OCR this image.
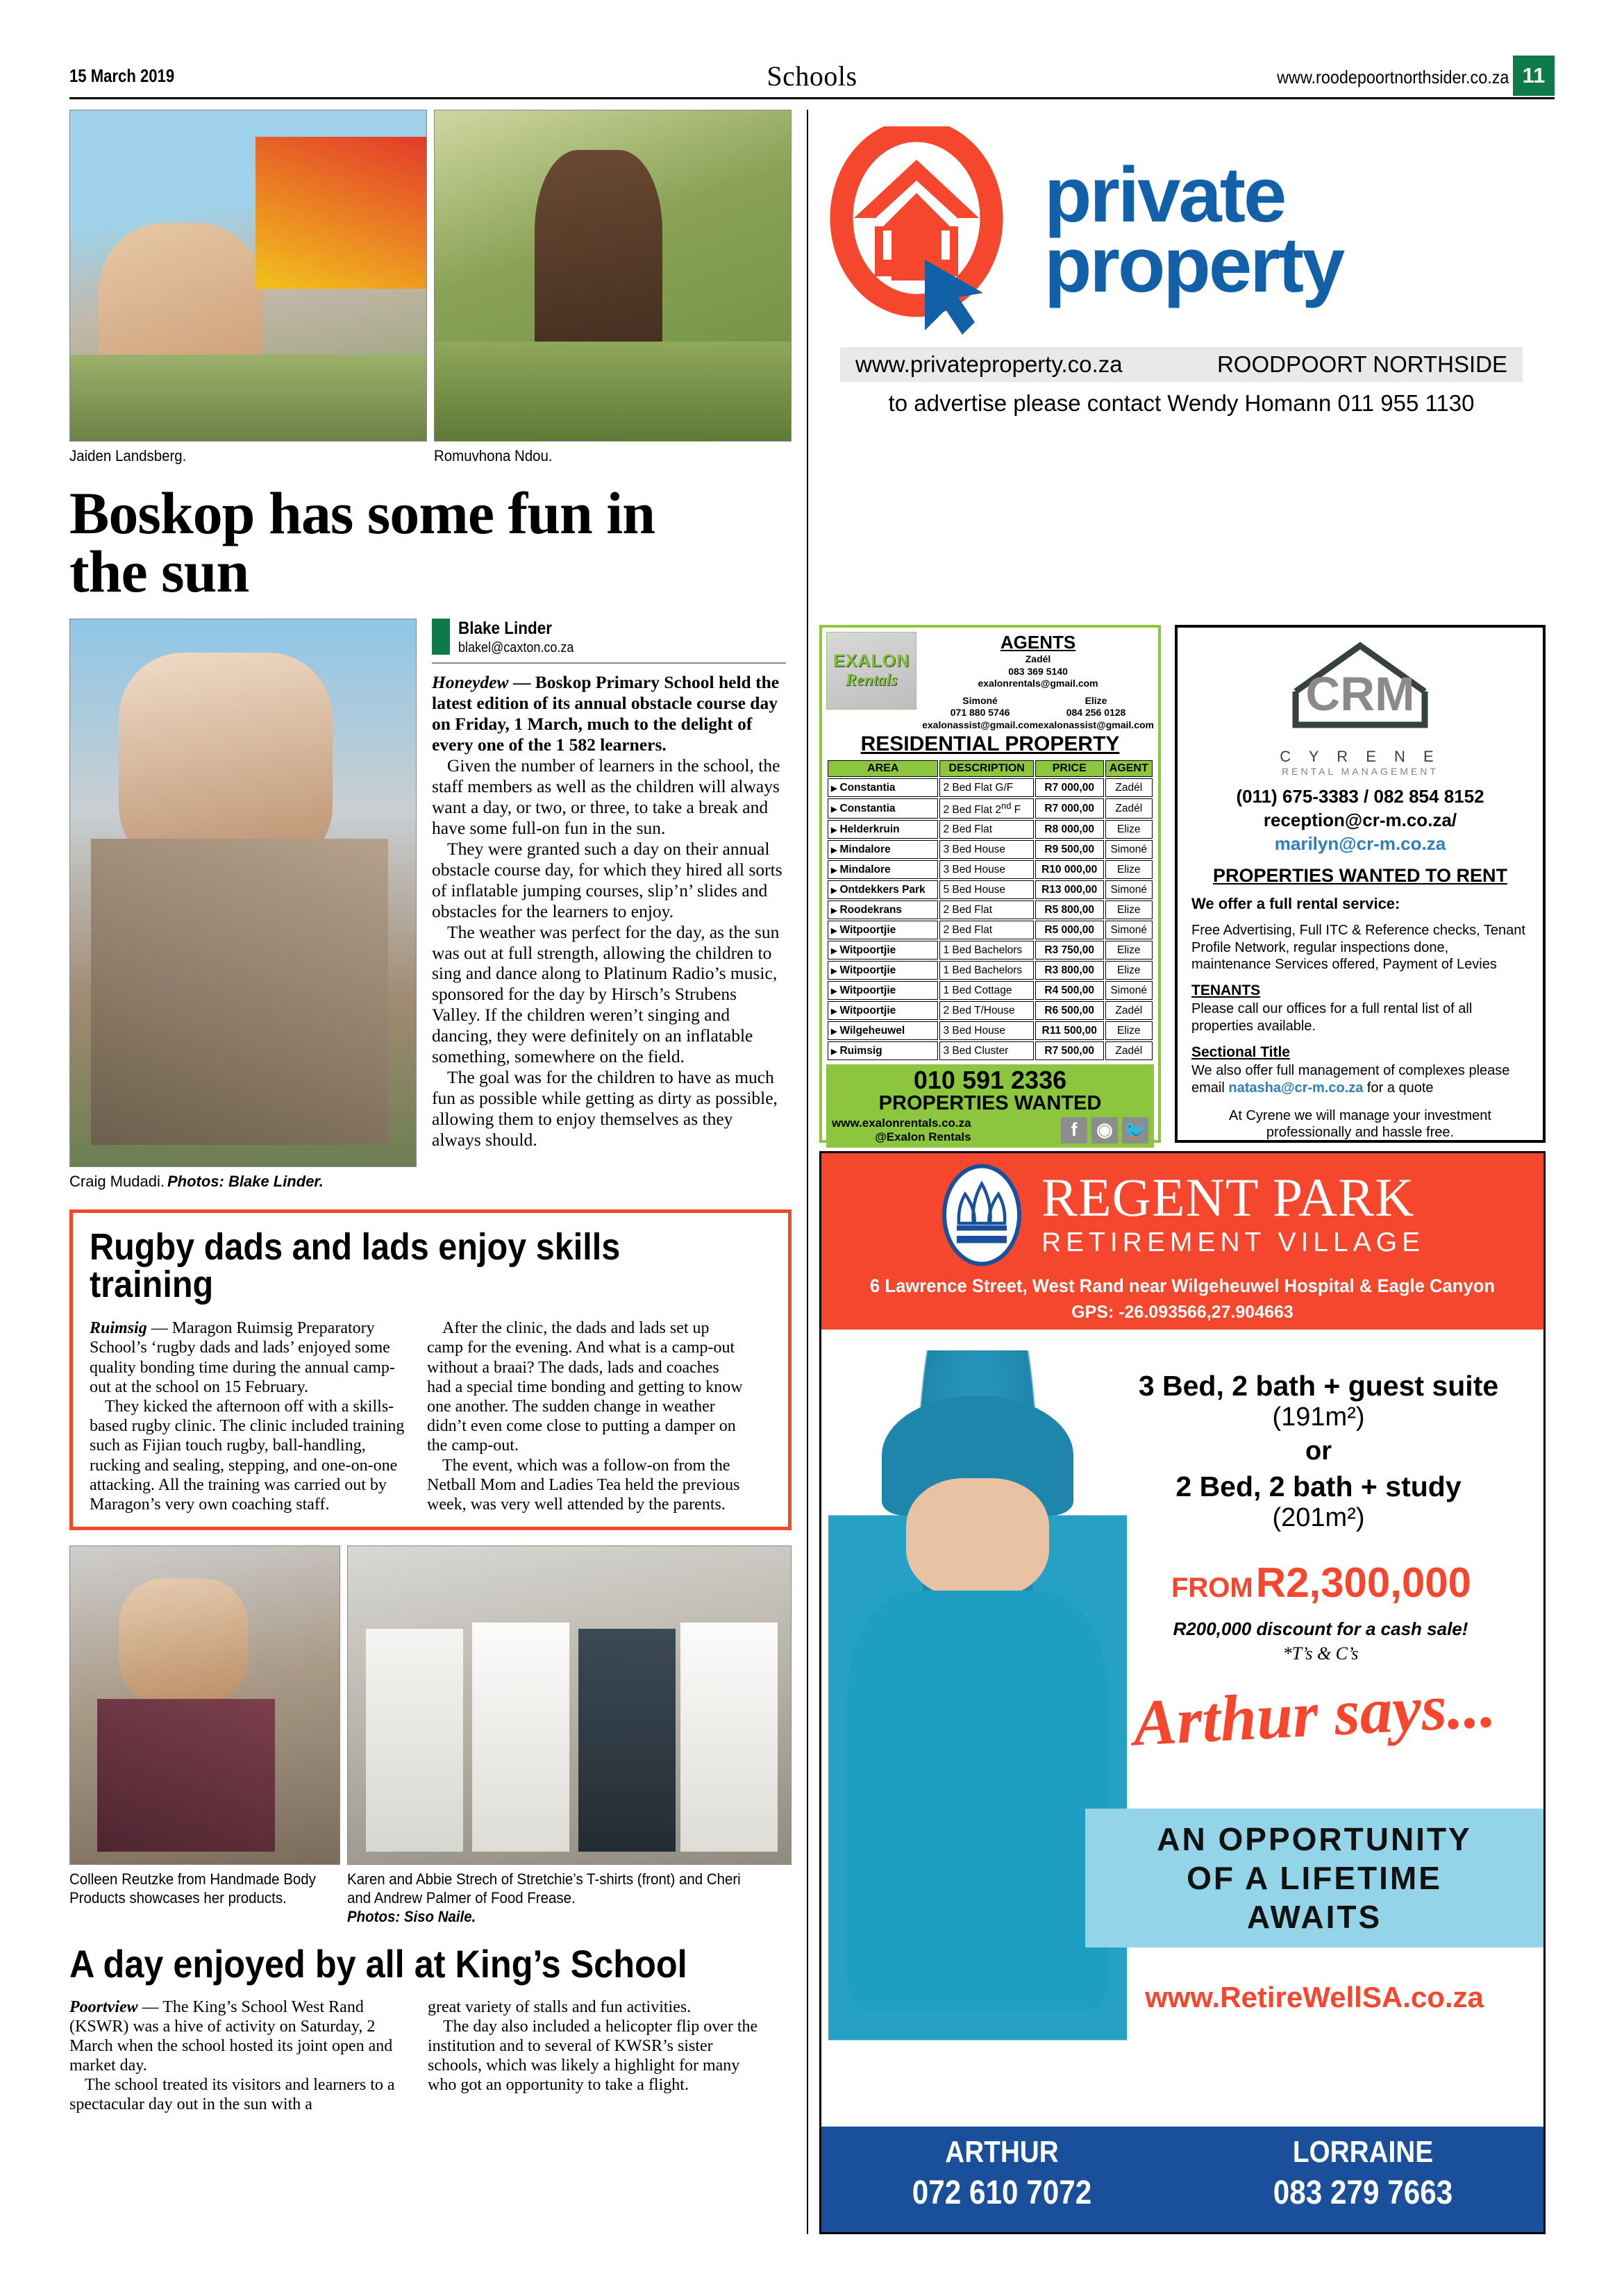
15 March 2019	Schools	www.roodepoortnorthsider.co.za 11
Jaiden Landsberg.	Romuvhona Ndou.
Boskop has some fun in the sun
Craig Mudadi. Photos: Blake Linder.
Blake Linder
blakel@caxton.co.za

Honeydew — Boskop Primary School held the latest edition of its annual obstacle course day on Friday, 1 March, much to the delight of every one of the 1 582 learners.

Given the number of learners in the school, the staff members as well as the children will always want a day, or two, or three, to take a break and have some full-on fun in the sun.

They were granted such a day on their annual obstacle course day, for which they hired all sorts of inflatable jumping courses, slip’n’ slides and obstacles for the learners to enjoy.

The weather was perfect for the day, as the sun was out at full strength, allowing the children to sing and dance along to Platinum Radio’s music, sponsored for the day by Hirsch’s Strubens Valley. If the children weren’t singing and dancing, they were definitely on an inflatable something, somewhere on the field.

The goal was for the children to have as much fun as possible while getting as dirty as possible, allowing them to enjoy themselves as they always should.

Rugby dads and lads enjoy skills training

Ruimsig — Maragon Ruimsig Preparatory School’s ‘rugby dads and lads’ enjoyed some quality bonding time during the annual camp-out at the school on 15 February.

They kicked the afternoon off with a skills-based rugby clinic. The clinic included training such as Fijian touch rugby, ball-handling, rucking and sealing, stepping, and one-on-one attacking. All the training was carried out by Maragon’s very own coaching staff.

After the clinic, the dads and lads set up camp for the evening. And what is a camp-out without a braai? The dads, lads and coaches had a special time bonding and getting to know one another. The sudden change in weather didn’t even come close to putting a damper on the camp-out.

The event, which was a follow-on from the Netball Mom and Ladies Tea held the previous week, was very well attended by the parents.

Colleen Reutzke from Handmade Body Products showcases her products.
Karen and Abbie Strech of Stretchie’s T-shirts (front) and Cheri and Andrew Palmer of Food Frease.
Photos: Siso Naile.
A day enjoyed by all at King’s School

Poortview — The King’s School West Rand (KSWR) was a hive of activity on Saturday, 2 March when the school hosted its joint open and market day.

The school treated its visitors and learners to a spectacular day out in the sun with a

great variety of stalls and fun activities.

The day also included a helicopter flip over the institution and to several of KWSR’s sister schools, which was likely a highlight for many who got an opportunity to take a flight.

private
property
www.privateproperty.co.za	ROODPOORT NORTHSIDE
to advertise please contact Wendy Homann 011 955 1130
EXALON
Rentals
AGENTS
Zadél
083 369 5140
exalonrentals@gmail.com
Simoné
071 880 5746
exalonassist@gmail.com
Elize
084 256 0128
exalonassist@gmail.com
RESIDENTIAL PROPERTY
AREA	DESCRIPTION	PRICE	AGENT
▶ Constantia	2 Bed Flat G/F	R7 000,00	Zadél
▶ Constantia	2 Bed Flat 2nd F	R7 000,00	Zadél
▶ Helderkruin	2 Bed Flat	R8 000,00	Elize
▶ Mindalore	3 Bed House	R9 500,00	Simoné
▶ Mindalore	3 Bed House	R10 000,00	Elize
▶ Ontdekkers Park	5 Bed House	R13 000,00	Simoné
▶ Roodekrans	2 Bed Flat	R5 800,00	Elize
▶ Witpoortjie	2 Bed Flat	R5 000,00	Simoné
▶ Witpoortjie	1 Bed Bachelors	R3 750,00	Elize
▶ Witpoortjie	1 Bed Bachelors	R3 800,00	Elize
▶ Witpoortjie	1 Bed Cottage	R4 500,00	Simoné
▶ Witpoortjie	2 Bed T/House	R6 500,00	Zadél
▶ Wilgeheuwel	3 Bed House	R11 500,00	Elize
▶ Ruimsig	3 Bed Cluster	R7 500,00	Zadél
010 591 2336
PROPERTIES WANTED
www.exalonrentals.co.za
@Exalon Rentals	f	◉ 🐦
CRM
C Y R E N E
RENTAL MANAGEMENT
(011) 675-3383 / 082 854 8152
reception@cr-m.co.za/
marilyn@cr-m.co.za
PROPERTIES WANTED TO RENT
We offer a full rental service:
Free Advertising, Full ITC & Reference checks, Tenant Profile Network, regular inspections done, maintenance Services offered, Payment of Levies
TENANTS
Please call our offices for a full rental list of all properties available.
Sectional Title
We also offer full management of complexes please email natasha@cr-m.co.za for a quote
At Cyrene we will manage your investment professionally and hassle free.
REGENT PARK
RETIREMENT VILLAGE
6 Lawrence Street, West Rand near Wilgeheuwel Hospital & Eagle Canyon
GPS: -26.093566,27.904663
3 Bed, 2 bath + guest suite
(191m²)
or
2 Bed, 2 bath + study
(201m²)
FROM R2,300,000
R200,000 discount for a cash sale!
*T’s & C’s
Arthur says...
AN OPPORTUNITY
OF A LIFETIME
AWAITS
www.RetireWellSA.co.za
ARTHUR
072 610 7072
LORRAINE
083 279 7663
